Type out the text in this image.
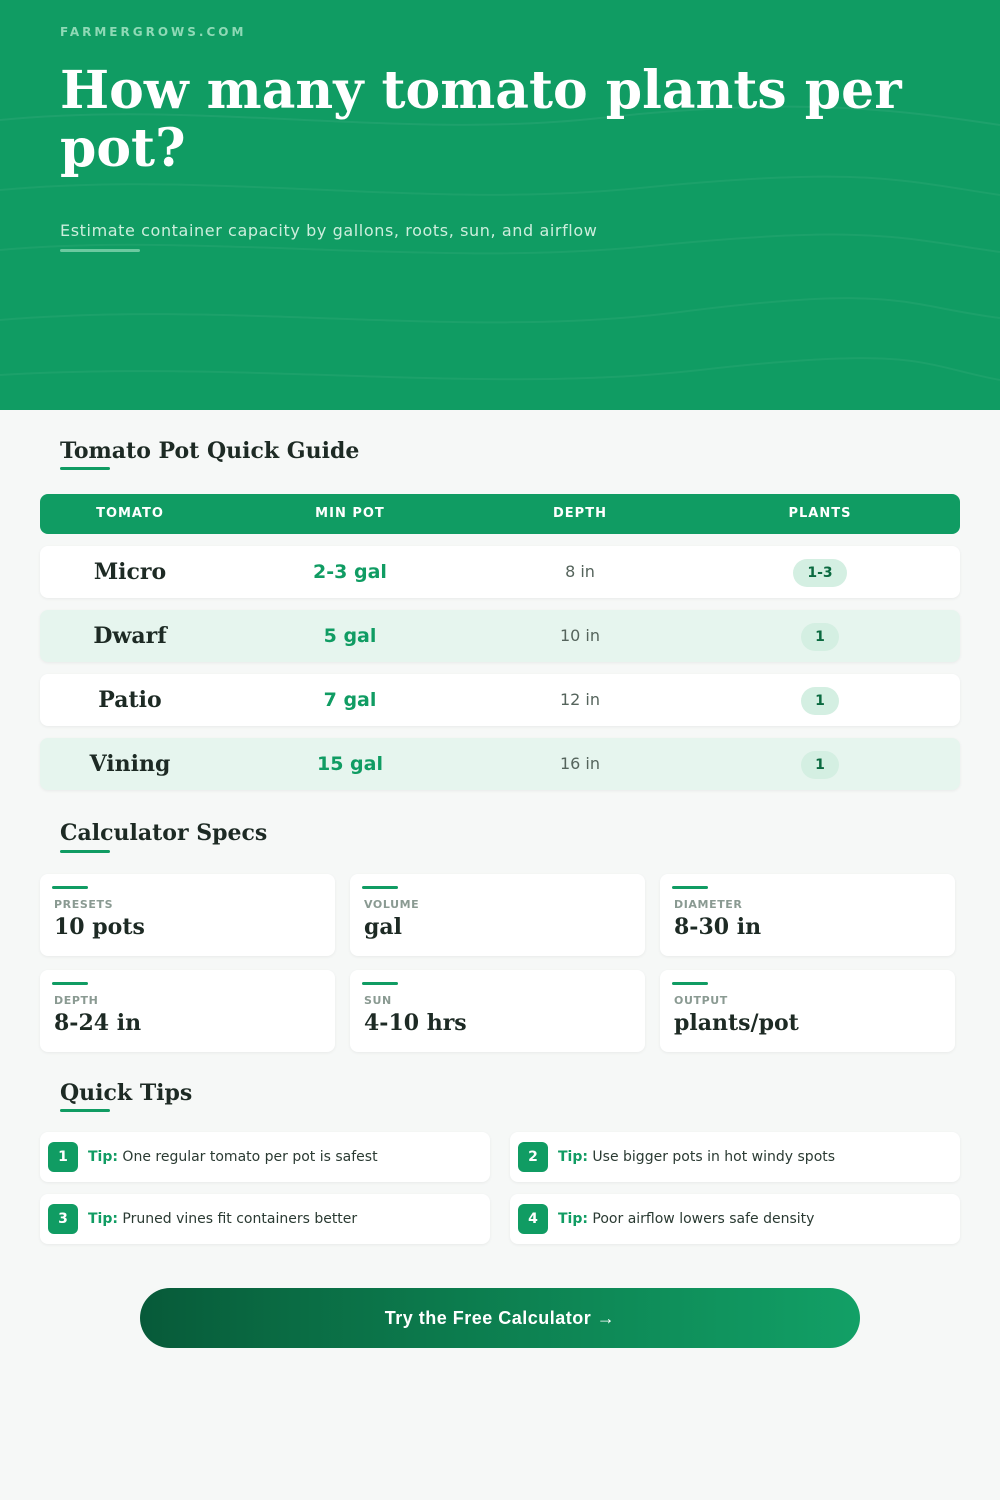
FARMERGROWS.COM
How many tomato plants per pot?
Estimate container capacity by gallons, roots, sun, and airflow
Tomato Pot Quick Guide
TOMATO	MIN POT	DEPTH	PLANTS
Micro	2-3 gal	8 in	1-3
Dwarf	5 gal	10 in	1
Patio	7 gal	12 in	1
Vining	15 gal	16 in	1
Calculator Specs
PRESETS
10 pots
VOLUME
gal
DIAMETER
8-30 in
DEPTH
8-24 in
SUN
4-10 hrs
OUTPUT
plants/pot
Quick Tips
1	Tip: One regular tomato per pot is safest	2	Tip: Use bigger pots in hot windy spots
3	Tip: Pruned vines fit containers better	4	Tip: Poor airflow lowers safe density
Try the Free Calculator →
